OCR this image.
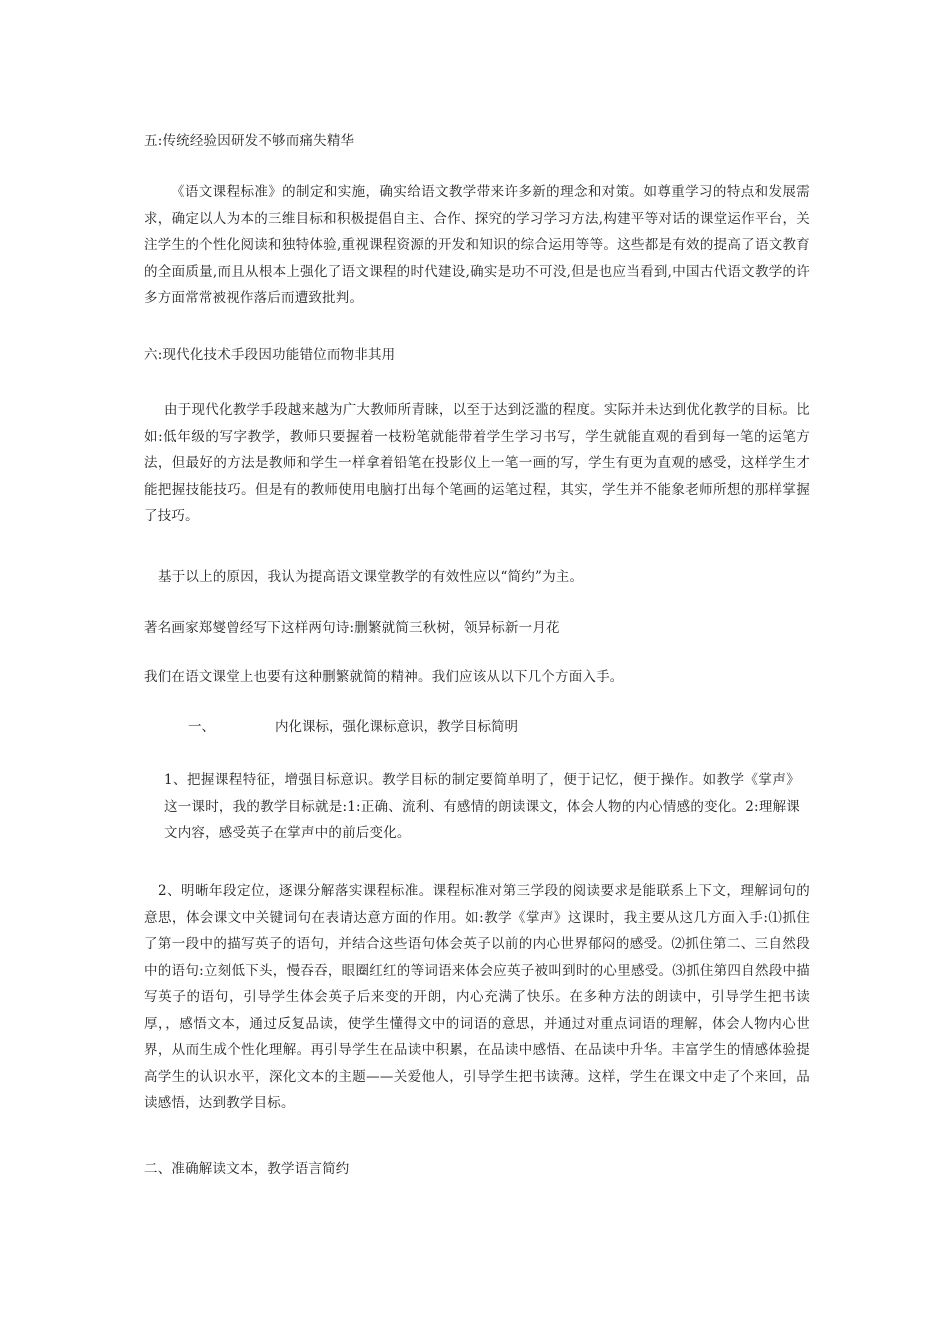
五:传统经验因研发不够而痛失精华

《语文课程标准》的制定和实施，确实给语文教学带来许多新的理念和对策。如尊重学习的特点和发展需求，确定以人为本的三维目标和积极提倡自主、合作、探究的学习学习方法,构建平等对话的课堂运作平台，关注学生的个性化阅读和独特体验,重视课程资源的开发和知识的综合运用等等。这些都是有效的提高了语文教育的全面质量,而且从根本上强化了语文课程的时代建设,确实是功不可没,但是也应当看到,中国古代语文教学的许多方面常常被视作落后而遭致批判。

六:现代化技术手段因功能错位而物非其用

由于现代化教学手段越来越为广大教师所青睐，以至于达到泛滥的程度。实际并未达到优化教学的目标。比如:低年级的写字教学，教师只要握着一枝粉笔就能带着学生学习书写，学生就能直观的看到每一笔的运笔方法，但最好的方法是教师和学生一样拿着铅笔在投影仪上一笔一画的写，学生有更为直观的感受，这样学生才能把握技能技巧。但是有的教师使用电脑打出每个笔画的运笔过程，其实，学生并不能象老师所想的那样掌握了技巧。

基于以上的原因，我认为提高语文课堂教学的有效性应以“简约”为主。

著名画家郑燮曾经写下这样两句诗:删繁就简三秋树，领异标新一月花

我们在语文课堂上也要有这种删繁就简的精神。我们应该从以下几个方面入手。

一、	内化课标，强化课标意识，教学目标简明

1、把握课程特征，增强目标意识。教学目标的制定要简单明了，便于记忆，便于操作。如教学《掌声》这一课时，我的教学目标就是:1:正确、流利、有感情的朗读课文，体会人物的内心情感的变化。2:理解课文内容，感受英子在掌声中的前后变化。

2、明晰年段定位，逐课分解落实课程标准。课程标准对第三学段的阅读要求是能联系上下文，理解词句的意思，体会课文中关键词句在表请达意方面的作用。如:教学《掌声》这课时，我主要从这几方面入手:⑴抓住了第一段中的描写英子的语句，并结合这些语句体会英子以前的内心世界郁闷的感受。⑵抓住第二、三自然段中的语句:立刻低下头，慢吞吞，眼圈红红的等词语来体会应英子被叫到时的心里感受。⑶抓住第四自然段中描写英子的语句，引导学生体会英子后来变的开朗，内心充满了快乐。在多种方法的朗读中，引导学生把书读厚，，感悟文本，通过反复品读，使学生懂得文中的词语的意思，并通过对重点词语的理解，体会人物内心世界，从而生成个性化理解。再引导学生在品读中积累，在品读中感悟、在品读中升华。丰富学生的情感体验提高学生的认识水平，深化文本的主题——关爱他人，引导学生把书读薄。这样，学生在课文中走了个来回，品读感悟，达到教学目标。

二、准确解读文本，教学语言简约
